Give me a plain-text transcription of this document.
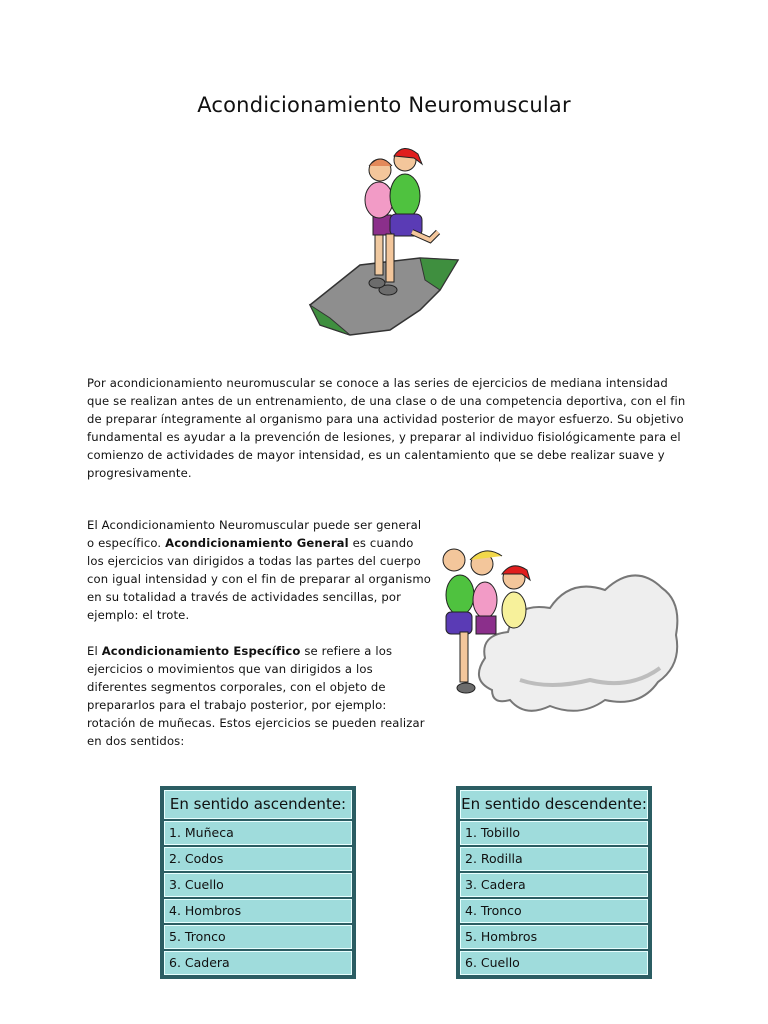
Acondicionamiento Neuromuscular

Por acondicionamiento neuromuscular se conoce a las series de ejercicios de mediana intensidad que se realizan antes de un entrenamiento, de una clase o de una competencia deportiva, con el fin de preparar íntegramente al organismo para una actividad posterior de mayor esfuerzo. Su objetivo fundamental es ayudar a la prevención de lesiones, y preparar al individuo fisiológicamente para el comienzo de actividades de mayor intensidad, es un calentamiento que se debe realizar suave y progresivamente.

El Acondicionamiento Neuromuscular puede ser general o específico. Acondicionamiento General es cuando los ejercicios van dirigidos a todas las partes del cuerpo con igual intensidad y con el fin de preparar al organismo en su totalidad a través de actividades sencillas, por ejemplo: el trote.

El Acondicionamiento Específico se refiere a los ejercicios o movimientos que van dirigidos a los diferentes segmentos corporales, con el objeto de prepararlos para el trabajo posterior, por ejemplo: rotación de muñecas. Estos ejercicios se pueden realizar en dos sentidos:

En sentido ascendente:
1. Muñeca
2. Codos
3. Cuello
4. Hombros
5. Tronco
6. Cadera
En sentido descendente:
1. Tobillo
2. Rodilla
3. Cadera
4. Tronco
5. Hombros
6. Cuello
